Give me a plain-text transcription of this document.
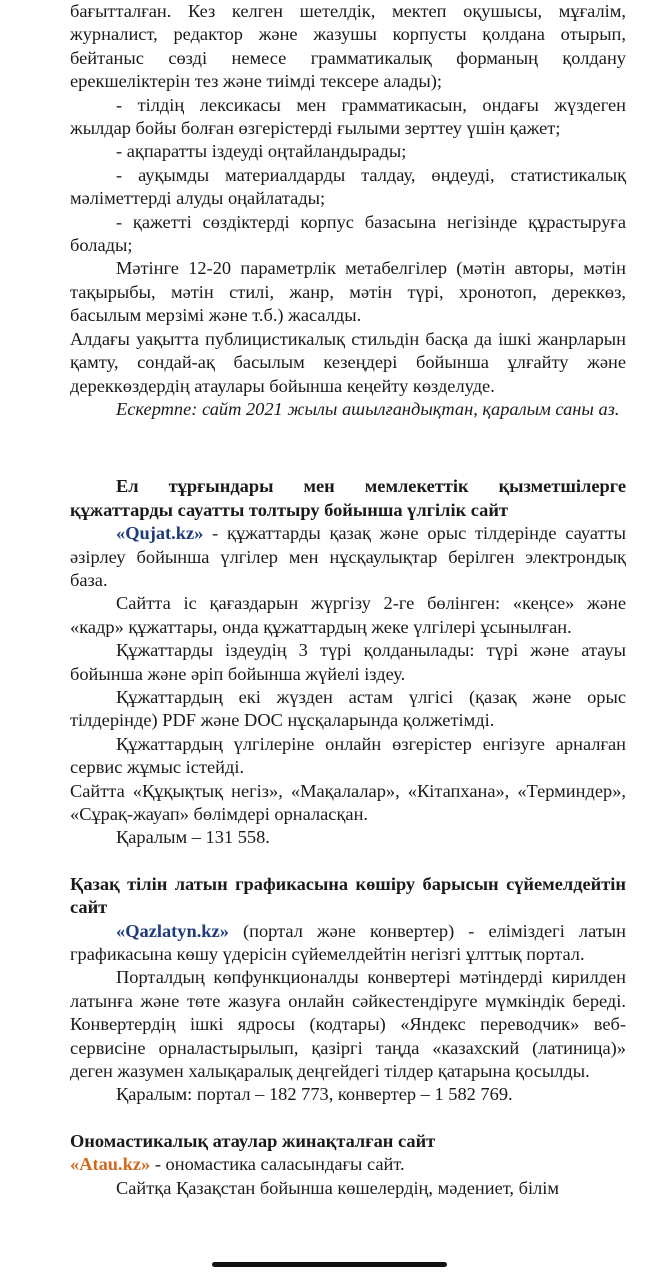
бағытталған. Кез келген шетелдік, мектеп оқушысы, мұғалім, журналист, редактор және жазушы корпусты қолдана отырып, бейтаныс сөзді немесе грамматикалық форманың қолдану ерекшеліктерін тез және тиімді тексере алады);

- тілдің лексикасы мен грамматикасын, ондағы жүздеген жылдар бойы болған өзгерістерді ғылыми зерттеу үшін қажет;

- ақпаратты іздеуді оңтайландырады;

- ауқымды материалдарды талдау, өңдеуді, статистикалық мәліметтерді алуды оңайлатады;

- қажетті сөздіктерді корпус базасына негізінде құрастыруға болады;

Мәтінге 12-20 параметрлік метабелгілер (мәтін авторы, мәтін тақырыбы, мәтін стилі, жанр, мәтін түрі, хронотоп, дереккөз, басылым мерзімі және т.б.) жасалды.

Алдағы уақытта публицистикалық стильдін басқа да ішкі жанрларын қамту, сондай-ақ басылым кезеңдері бойынша ұлғайту және дереккөздердің атаулары бойынша кеңейту көзделуде.

Ескертпе: сайт 2021 жылы ашылғандықтан, қаралым саны аз.

Ел тұрғындары мен мемлекеттік қызметшілерге құжаттарды сауатты толтыру бойынша үлгілік сайт

«Qujat.kz» - құжаттарды қазақ және орыс тілдерінде сауатты әзірлеу бойынша үлгілер мен нұсқаулықтар берілген электрондық база.

Сайтта іс қағаздарын жүргізу 2-ге бөлінген: «кеңсе» және «кадр» құжаттары, онда құжаттардың жеке үлгілері ұсынылған.

Құжаттарды іздеудің 3 түрі қолданылады: түрі және атауы бойынша және әріп бойынша жүйелі іздеу.

Құжаттардың екі жүзден астам үлгісі (қазақ және орыс тілдерінде) PDF және DOC нұсқаларында қолжетімді.

Құжаттардың үлгілеріне онлайн өзгерістер енгізуге арналған сервис жұмыс істейді.

Сайтта «Құқықтық негіз», «Мақалалар», «Кітапхана», «Терминдер», «Сұрақ-жауап» бөлімдері орналасқан.

Қаралым – 131 558.

Қазақ тілін латын графикасына көшіру барысын сүйемелдейтін сайт

«Qazlatyn.kz» (портал және конвертер) - еліміздегі латын графикасына көшу үдерісін сүйемелдейтін негізгі ұлттық портал.

Порталдың көпфункционалды конвертері мәтіндерді кирилден латынға және төте жазуға онлайн сәйкестендіруге мүмкіндік береді. Конвертердің ішкі ядросы (кодтары) «Яндекс переводчик» веб-сервисіне орналастырылып, қазіргі таңда «казахский (латиница)» деген жазумен халықаралық деңгейдегі тілдер қатарына қосылды.

Қаралым: портал – 182 773, конвертер – 1 582 769.

Ономастикалық атаулар жинақталған сайт

«Atau.kz» - ономастика саласындағы сайт.

Сайтқа Қазақстан бойынша көшелердің, мәдениет, білім
